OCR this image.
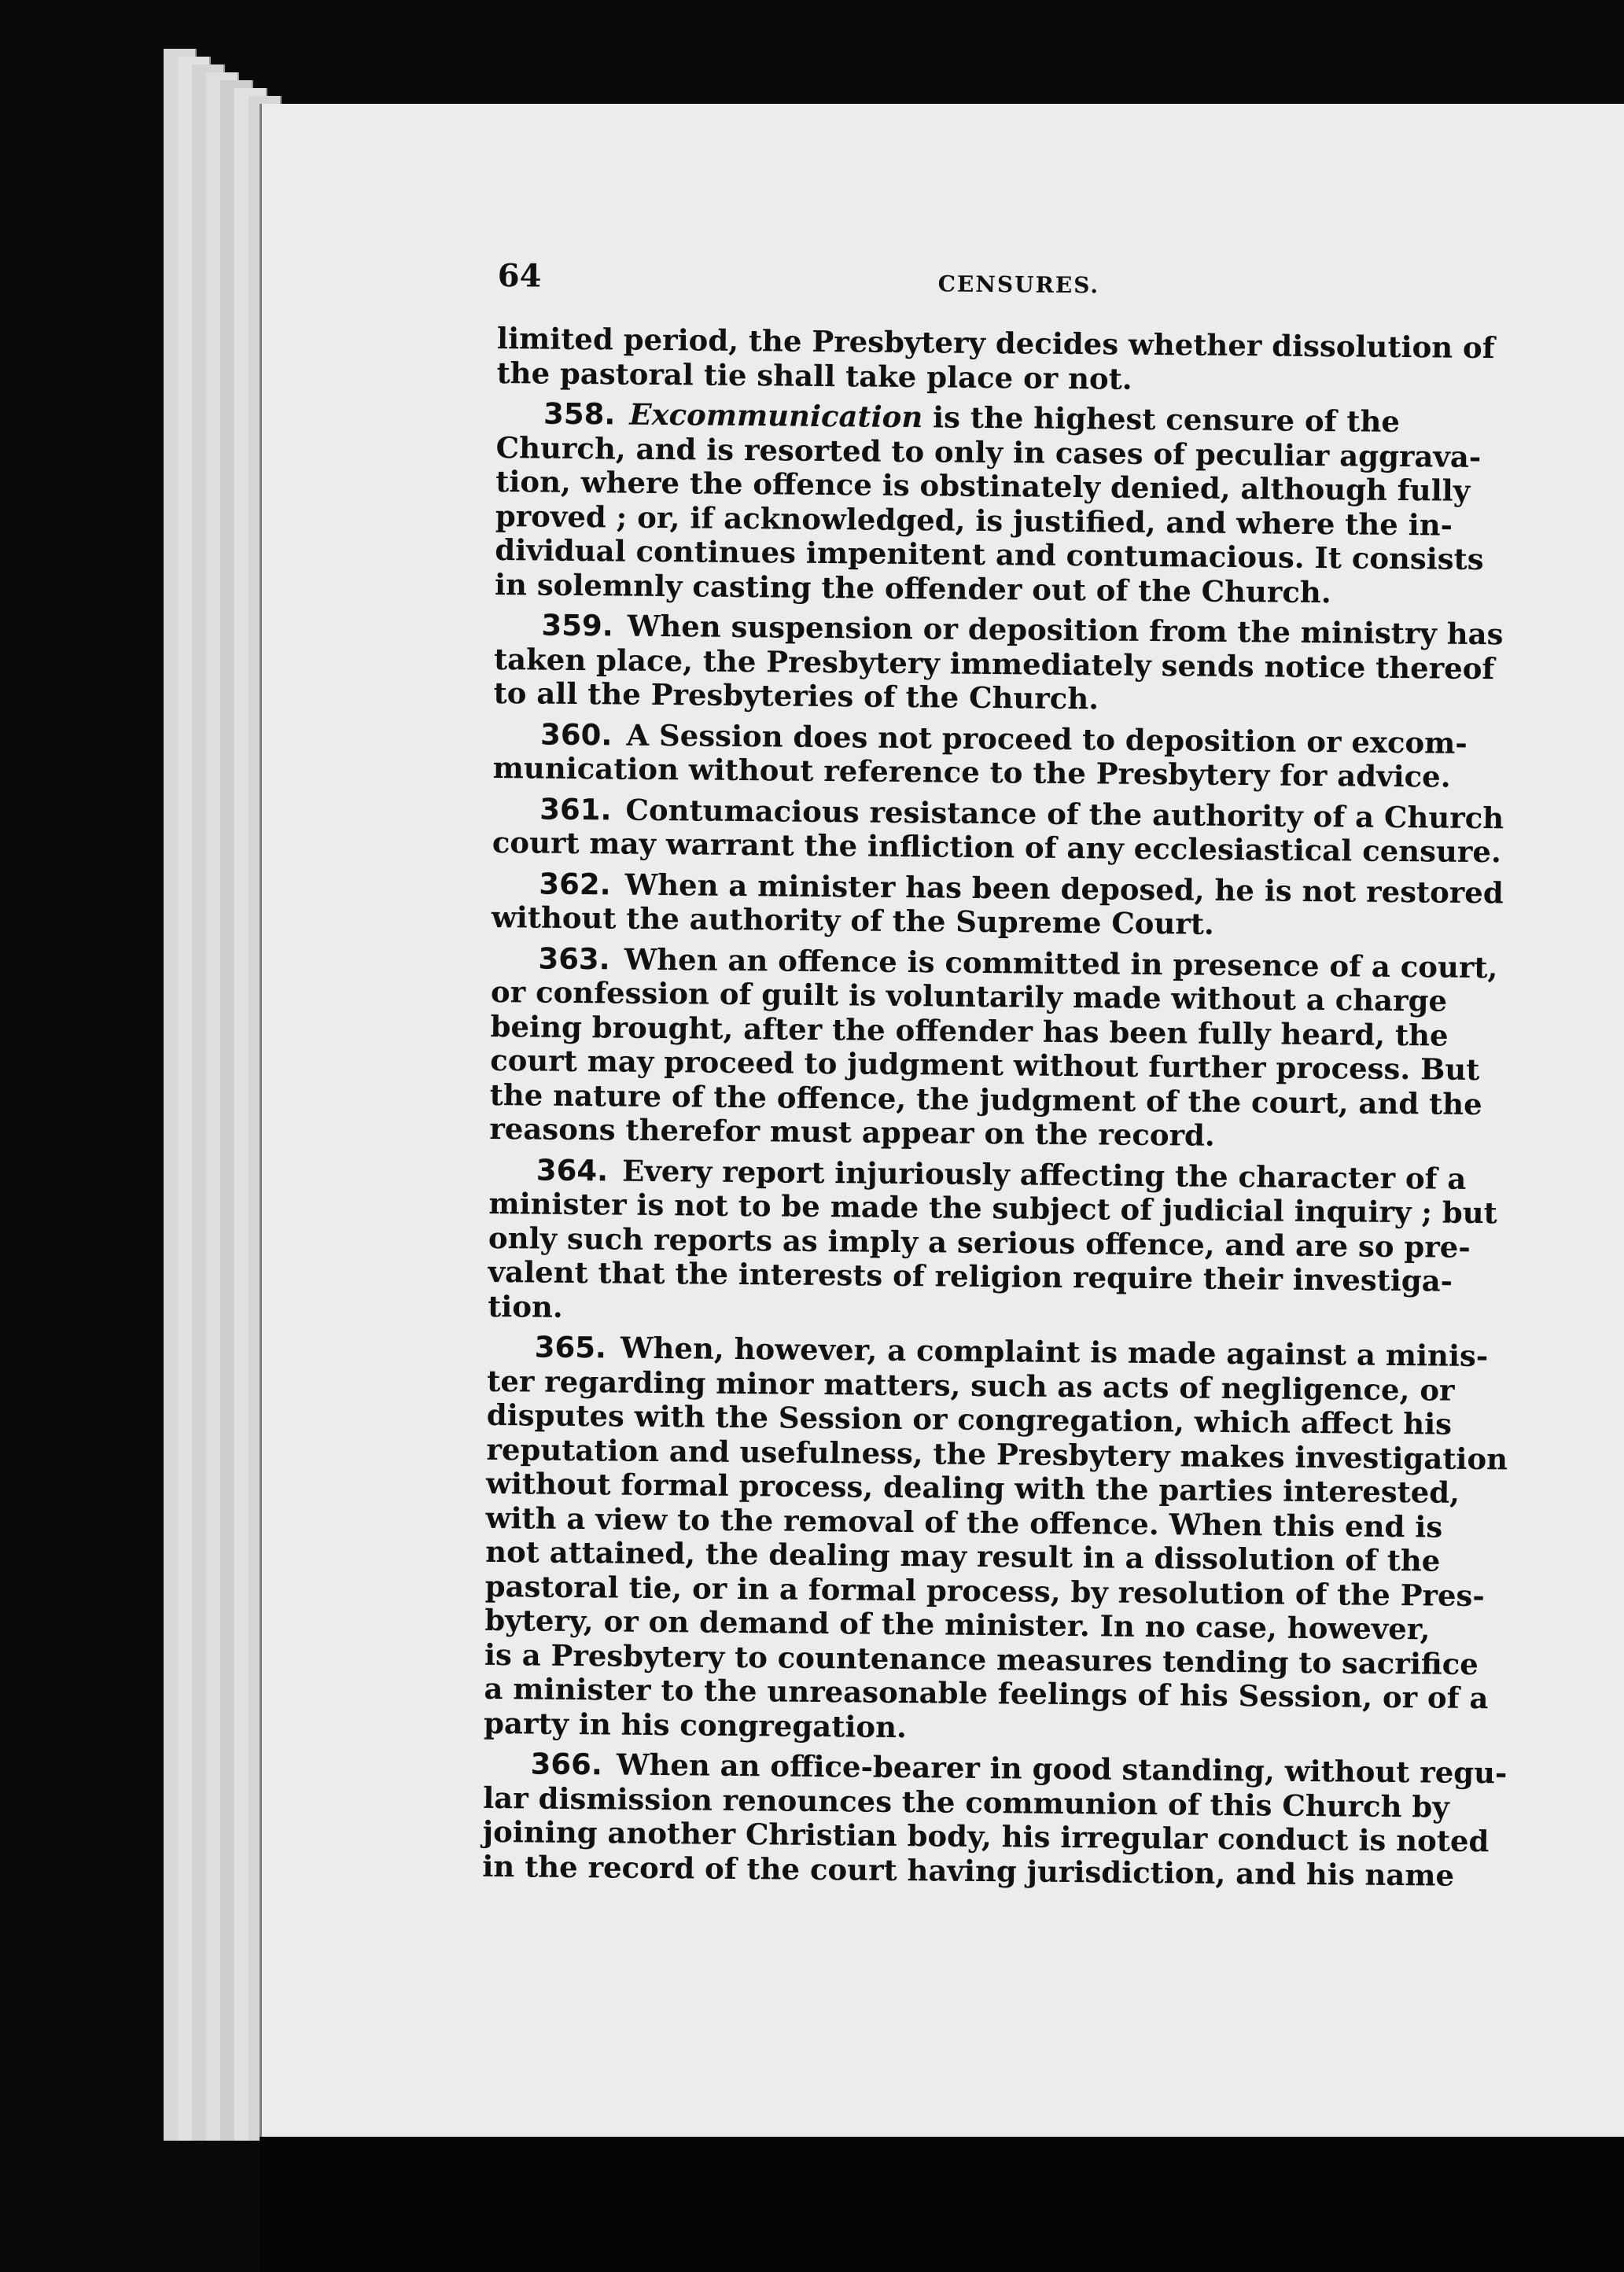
64	CENSURES.

limited period, the Presbytery decides whether dissolution of
the pastoral tie shall take place or not.

358. Excommunication is the highest censure of the
Church, and is resorted to only in cases of peculiar aggrava-
tion, where the offence is obstinately denied, although fully
proved ; or, if acknowledged, is justified, and where the in-
dividual continues impenitent and contumacious. It consists
in solemnly casting the offender out of the Church.

359. When suspension or deposition from the ministry has
taken place, the Presbytery immediately sends notice thereof
to all the Presbyteries of the Church.

360. A Session does not proceed to deposition or excom-
munication without reference to the Presbytery for advice.

361. Contumacious resistance of the authority of a Church
court may warrant the infliction of any ecclesiastical censure.

362. When a minister has been deposed, he is not restored
without the authority of the Supreme Court.

363. When an offence is committed in presence of a court,
or confession of guilt is voluntarily made without a charge
being brought, after the offender has been fully heard, the
court may proceed to judgment without further process. But
the nature of the offence, the judgment of the court, and the
reasons therefor must appear on the record.

364. Every report injuriously affecting the character of a
minister is not to be made the subject of judicial inquiry ; but
only such reports as imply a serious offence, and are so pre-
valent that the interests of religion require their investiga-
tion.

365. When, however, a complaint is made against a minis-
ter regarding minor matters, such as acts of negligence, or
disputes with the Session or congregation, which affect his
reputation and usefulness, the Presbytery makes investigation
without formal process, dealing with the parties interested,
with a view to the removal of the offence. When this end is
not attained, the dealing may result in a dissolution of the
pastoral tie, or in a formal process, by resolution of the Pres-
bytery, or on demand of the minister. In no case, however,
is a Presbytery to countenance measures tending to sacrifice
a minister to the unreasonable feelings of his Session, or of a
party in his congregation.

366. When an office-bearer in good standing, without regu-
lar dismission renounces the communion of this Church by
joining another Christian body, his irregular conduct is noted
in the record of the court having jurisdiction, and his name
